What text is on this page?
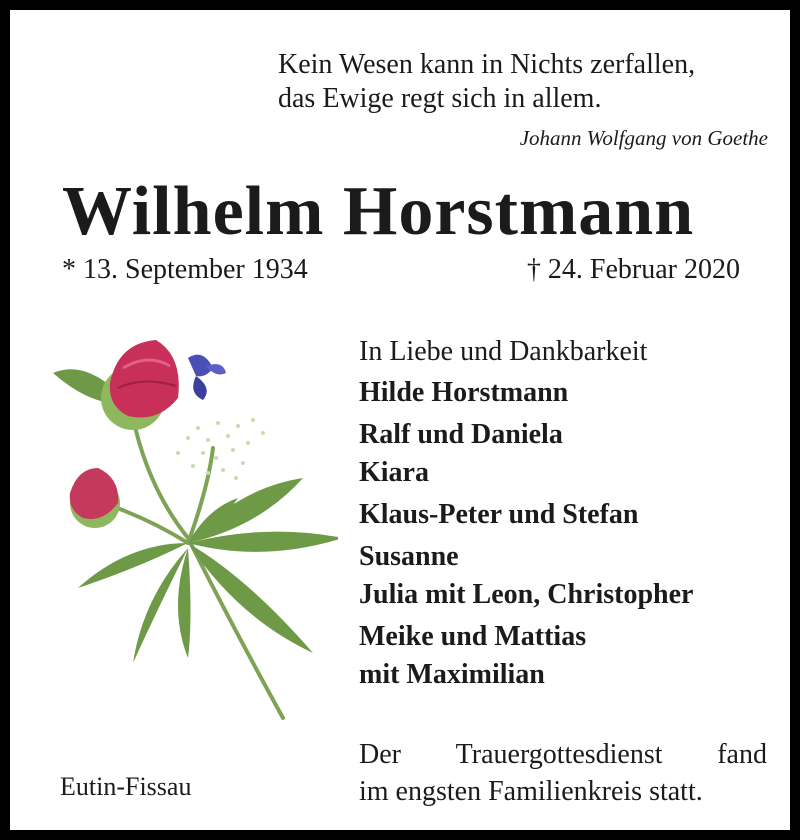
Kein Wesen kann in Nichts zerfallen,
das Ewige regt sich in allem.
Johann Wolfgang von Goethe
Wilhelm Horstmann
* 13. September 1934	† 24. Februar 2020
In Liebe und Dankbarkeit
Hilde Horstmann
Ralf und Daniela
Kiara
Klaus-Peter und Stefan
Susanne
Julia mit Leon, Christopher
Meike und Mattias
mit Maximilian
Eutin-Fissau
Der Trauergottesdienst fand
im engsten Familienkreis statt.
